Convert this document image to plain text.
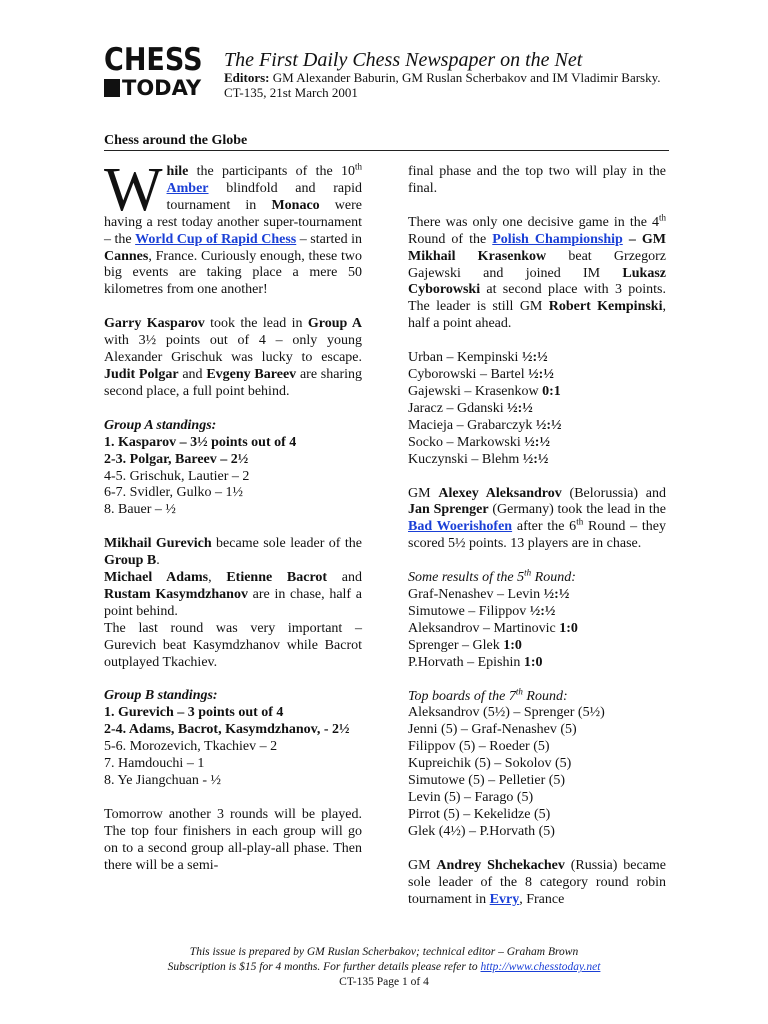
CHESS
TODAY
The First Daily Chess Newspaper on the Net
Editors: GM Alexander Baburin, GM Ruslan Scherbakov and IM Vladimir Barsky.
CT-135, 21st March 2001
Chess around the Globe

While the participants of the 10th Amber blindfold and rapid tournament in Monaco were having a rest today another super-tournament – the World Cup of Rapid Chess – started in Cannes, France. Curiously enough, these two big events are taking place a mere 50 kilometres from one another!

Garry Kasparov took the lead in Group A with 3½ points out of 4 – only young Alexander Grischuk was lucky to escape. Judit Polgar and Evgeny Bareev are sharing second place, a full point behind.

Group A standings:

1. Kasparov – 3½ points out of 4

2-3. Polgar, Bareev – 2½

4-5. Grischuk, Lautier – 2

6-7. Svidler, Gulko – 1½

8. Bauer – ½

Mikhail Gurevich became sole leader of the Group B.
Michael Adams, Etienne Bacrot and Rustam Kasymdzhanov are in chase, half a point behind.
The last round was very important – Gurevich beat Kasymdzhanov while Bacrot outplayed Tkachiev.

Group B standings:

1. Gurevich – 3 points out of 4

2-4. Adams, Bacrot, Kasymdzhanov, - 2½

5-6. Morozevich, Tkachiev – 2

7. Hamdouchi – 1

8. Ye Jiangchuan - ½

Tomorrow another 3 rounds will be played. The top four finishers in each group will go on to a second group all-play-all phase. Then there will be a semi-

final phase and the top two will play in the final.

There was only one decisive game in the 4th Round of the Polish Championship – GM Mikhail Krasenkow beat Grzegorz Gajewski and joined IM Lukasz Cyborowski at second place with 3 points. The leader is still GM Robert Kempinski, half a point ahead.

Urban – Kempinski ½:½

Cyborowski – Bartel ½:½

Gajewski – Krasenkow 0:1

Jaracz – Gdanski ½:½

Macieja – Grabarczyk ½:½

Socko – Markowski ½:½

Kuczynski – Blehm ½:½

GM Alexey Aleksandrov (Belorussia) and Jan Sprenger (Germany) took the lead in the Bad Woerishofen after the 6th Round – they scored 5½ points. 13 players are in chase.

Some results of the 5th Round:

Graf-Nenashev – Levin ½:½

Simutowe – Filippov ½:½

Aleksandrov – Martinovic 1:0

Sprenger – Glek 1:0

P.Horvath – Epishin 1:0

Top boards of the 7th Round:

Aleksandrov (5½) – Sprenger (5½)

Jenni (5) – Graf-Nenashev (5)

Filippov (5) – Roeder (5)

Kupreichik (5) – Sokolov (5)

Simutowe (5) – Pelletier (5)

Levin (5) – Farago (5)

Pirrot (5) – Kekelidze (5)

Glek (4½) – P.Horvath (5)

GM Andrey Shchekachev (Russia) became sole leader of the 8 category round robin tournament in Evry, France

This issue is prepared by GM Ruslan Scherbakov; technical editor – Graham Brown
Subscription is $15 for 4 months. For further details please refer to http://www.chesstoday.net
CT-135 Page 1 of 4
